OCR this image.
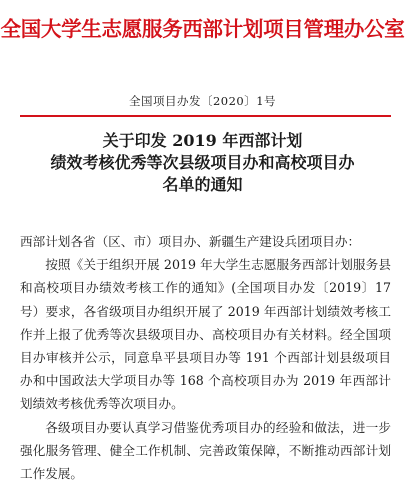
全国大学生志愿服务西部计划项目管理办公室
全国项目办发〔2020〕1号
关于印发 2019 年西部计划
绩效考核优秀等次县级项目办和高校项目办
名单的通知

西部计划各省（区、市）项目办、新疆生产建设兵团项目办：

按照《关于组织开展 2019 年大学生志愿服务西部计划服务县和高校项目办绩效考核工作的通知》(全国项目办发〔2019〕17号）要求，各省级项目办组织开展了 2019 年西部计划绩效考核工作并上报了优秀等次县级项目办、高校项目办有关材料。经全国项目办审核并公示，同意阜平县项目办等 191 个西部计划县级项目办和中国政法大学项目办等 168 个高校项目办为 2019 年西部计划绩效考核优秀等次项目办。

各级项目办要认真学习借鉴优秀项目办的经验和做法，进一步强化服务管理、健全工作机制、完善政策保障，不断推动西部计划工作发展。
